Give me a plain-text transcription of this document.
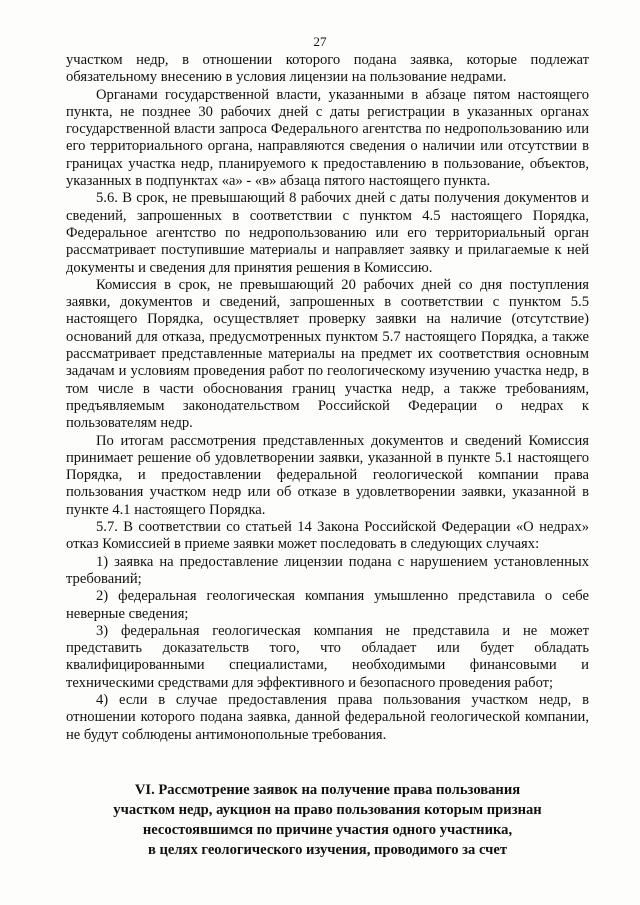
27

участком недр, в отношении которого подана заявка, которые подлежат обязательному внесению в условия лицензии на пользование недрами.

Органами государственной власти, указанными в абзаце пятом настоящего пункта, не позднее 30 рабочих дней с даты регистрации в указанных органах государственной власти запроса Федерального агентства по недропользованию или его территориального органа, направляются сведения о наличии или отсутствии в границах участка недр, планируемого к предоставлению в пользование, объектов, указанных в подпунктах «а» - «в» абзаца пятого настоящего пункта.

5.6. В срок, не превышающий 8 рабочих дней с даты получения документов и сведений, запрошенных в соответствии с пунктом 4.5 настоящего Порядка, Федеральное агентство по недропользованию или его территориальный орган рассматривает поступившие материалы и направляет заявку и прилагаемые к ней документы и сведения для принятия решения в Комиссию.

Комиссия в срок, не превышающий 20 рабочих дней со дня поступления заявки, документов и сведений, запрошенных в соответствии с пунктом 5.5 настоящего Порядка, осуществляет проверку заявки на наличие (отсутствие) оснований для отказа, предусмотренных пунктом 5.7 настоящего Порядка, а также рассматривает представленные материалы на предмет их соответствия основным задачам и условиям проведения работ по геологическому изучению участка недр, в том числе в части обоснования границ участка недр, а также требованиям, предъявляемым законодательством Российской Федерации о недрах к пользователям недр.

По итогам рассмотрения представленных документов и сведений Комиссия принимает решение об удовлетворении заявки, указанной в пункте 5.1 настоящего Порядка, и предоставлении федеральной геологической компании права пользования участком недр или об отказе в удовлетворении заявки, указанной в пункте 4.1 настоящего Порядка.

5.7. В соответствии со статьей 14 Закона Российской Федерации «О недрах» отказ Комиссией в приеме заявки может последовать в следующих случаях:

1) заявка на предоставление лицензии подана с нарушением установленных требований;

2) федеральная геологическая компания умышленно представила о себе неверные сведения;

3) федеральная геологическая компания не представила и не может представить доказательств того, что обладает или будет обладать квалифицированными специалистами, необходимыми финансовыми и техническими средствами для эффективного и безопасного проведения работ;

4) если в случае предоставления права пользования участком недр, в отношении которого подана заявка, данной федеральной геологической компании, не будут соблюдены антимонопольные требования.

VI. Рассмотрение заявок на получение права пользования
участком недр, аукцион на право пользования которым признан
несостоявшимся по причине участия одного участника,
в целях геологического изучения, проводимого за счет
